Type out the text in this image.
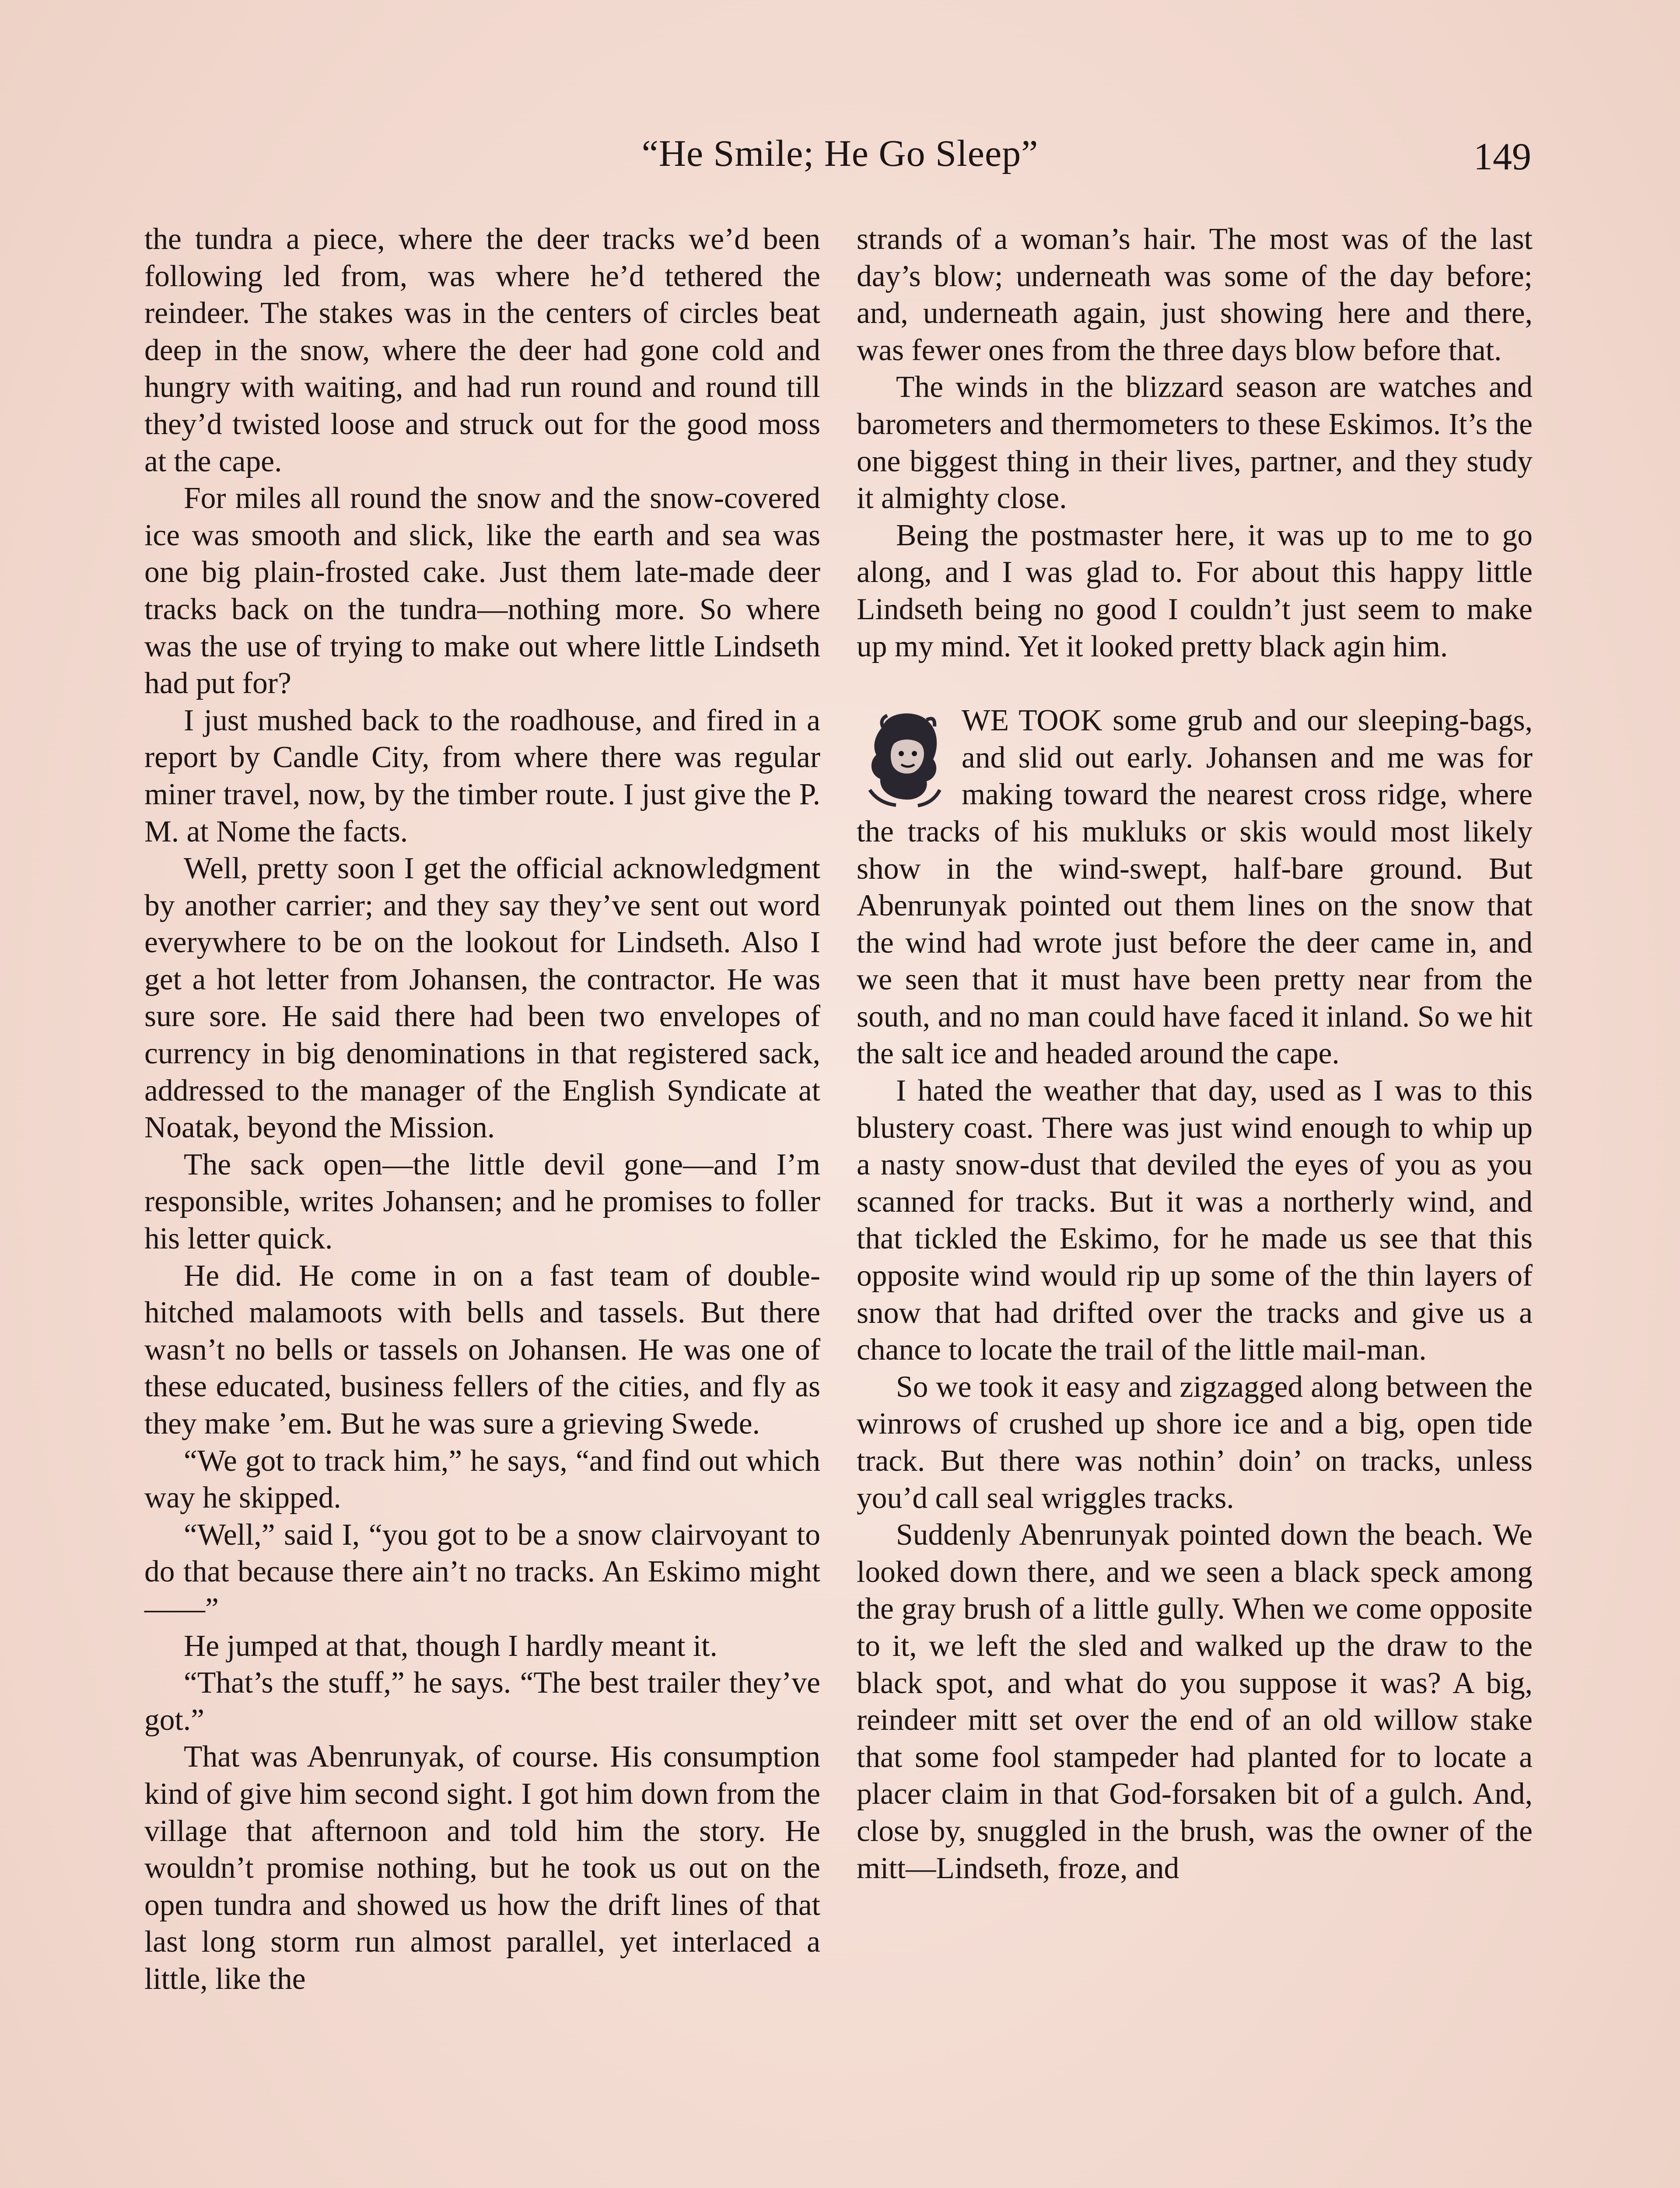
“He Smile; He Go Sleep”	149

the tundra a piece, where the deer tracks we’d been following led from, was where he’d tethered the reindeer. The stakes was in the centers of circles beat deep in the snow, where the deer had gone cold and hungry with waiting, and had run round and round till they’d twisted loose and struck out for the good moss at the cape.

For miles all round the snow and the snow-covered ice was smooth and slick, like the earth and sea was one big plain-frosted cake. Just them late-made deer tracks back on the tundra—nothing more. So where was the use of trying to make out where little Lindseth had put for?

I just mushed back to the roadhouse, and fired in a report by Candle City, from where there was regular miner travel, now, by the timber route. I just give the P. M. at Nome the facts.

Well, pretty soon I get the official acknowledgment by another carrier; and they say they’ve sent out word everywhere to be on the lookout for Lindseth. Also I get a hot letter from Johansen, the contractor. He was sure sore. He said there had been two envelopes of currency in big denominations in that registered sack, addressed to the manager of the English Syndicate at Noatak, beyond the Mission.

The sack open—the little devil gone—and I’m responsible, writes Johansen; and he promises to foller his letter quick.

He did. He come in on a fast team of double-hitched malamoots with bells and tassels. But there wasn’t no bells or tassels on Johansen. He was one of these educated, business fellers of the cities, and fly as they make ’em. But he was sure a grieving Swede.

“We got to track him,” he says, “and find out which way he skipped.

“Well,” said I, “you got to be a snow clairvoyant to do that because there ain’t no tracks. An Eskimo might——”

He jumped at that, though I hardly meant it.

“That’s the stuff,” he says. “The best trailer they’ve got.”

That was Abenrunyak, of course. His consumption kind of give him second sight. I got him down from the village that afternoon and told him the story. He wouldn’t promise nothing, but he took us out on the open tundra and showed us how the drift lines of that last long storm run almost parallel, yet interlaced a little, like the

strands of a woman’s hair. The most was of the last day’s blow; underneath was some of the day before; and, underneath again, just showing here and there, was fewer ones from the three days blow before that.

The winds in the blizzard season are watches and barometers and thermometers to these Eskimos. It’s the one biggest thing in their lives, partner, and they study it almighty close.

Being the postmaster here, it was up to me to go along, and I was glad to. For about this happy little Lindseth being no good I couldn’t just seem to make up my mind. Yet it looked pretty black agin him.

WE TOOK some grub and our sleeping-bags, and slid out early. Johansen and me was for making toward the nearest cross ridge, where the tracks of his mukluks or skis would most likely show in the wind-swept, half-bare ground. But Abenrunyak pointed out them lines on the snow that the wind had wrote just before the deer came in, and we seen that it must have been pretty near from the south, and no man could have faced it inland. So we hit the salt ice and headed around the cape.

I hated the weather that day, used as I was to this blustery coast. There was just wind enough to whip up a nasty snow-dust that deviled the eyes of you as you scanned for tracks. But it was a northerly wind, and that tickled the Eskimo, for he made us see that this opposite wind would rip up some of the thin layers of snow that had drifted over the tracks and give us a chance to locate the trail of the little mail-man.

So we took it easy and zigzagged along between the winrows of crushed up shore ice and a big, open tide track. But there was nothin’ doin’ on tracks, unless you’d call seal wriggles tracks.

Suddenly Abenrunyak pointed down the beach. We looked down there, and we seen a black speck among the gray brush of a little gully. When we come opposite to it, we left the sled and walked up the draw to the black spot, and what do you suppose it was? A big, reindeer mitt set over the end of an old willow stake that some fool stampeder had planted for to locate a placer claim in that God-forsaken bit of a gulch. And, close by, snuggled in the brush, was the owner of the mitt—Lindseth, froze, and
